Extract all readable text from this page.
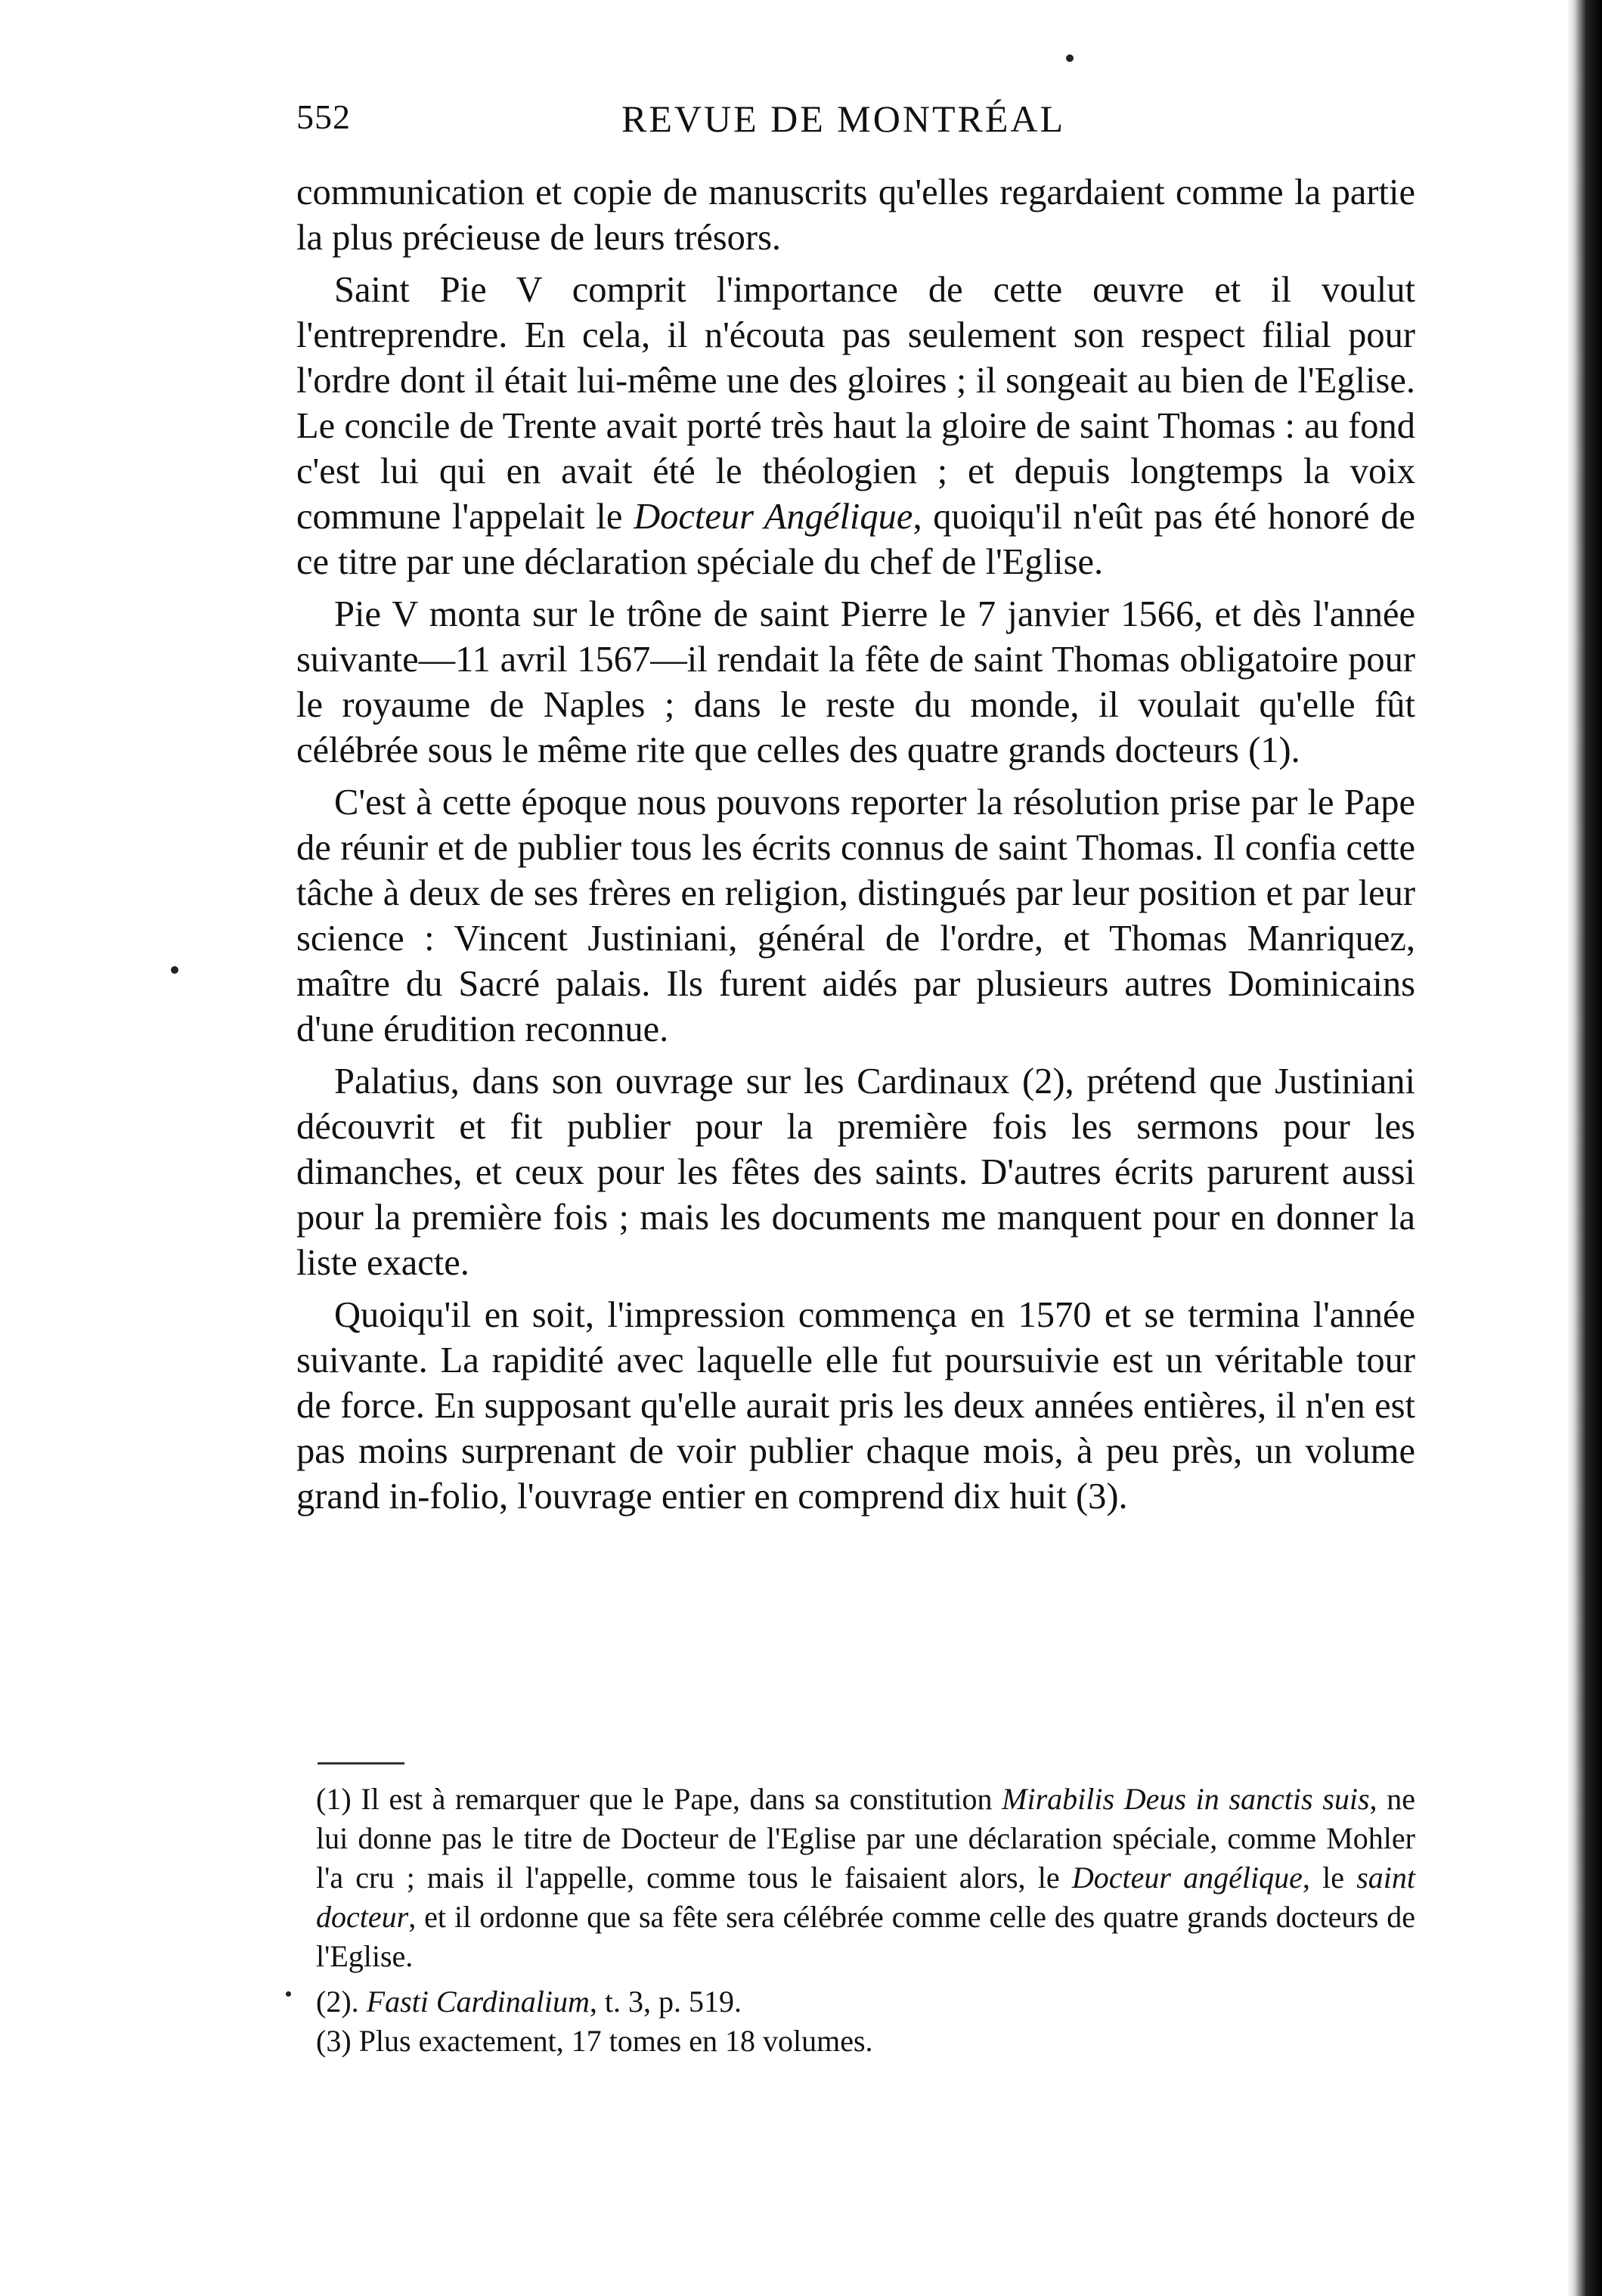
552	REVUE DE MONTRÉAL

communication et copie de manuscrits qu'elles regardaient comme la partie la plus précieuse de leurs trésors.

Saint Pie V comprit l'importance de cette œuvre et il voulut l'entreprendre. En cela, il n'écouta pas seulement son respect filial pour l'ordre dont il était lui-même une des gloires ; il songeait au bien de l'Eglise. Le concile de Trente avait porté très haut la gloire de saint Thomas : au fond c'est lui qui en avait été le théologien ; et depuis longtemps la voix commune l'appelait le Docteur Angélique, quoiqu'il n'eût pas été honoré de ce titre par une déclaration spéciale du chef de l'Eglise.

Pie V monta sur le trône de saint Pierre le 7 janvier 1566, et dès l'année suivante—11 avril 1567—il rendait la fête de saint Thomas obligatoire pour le royaume de Naples ; dans le reste du monde, il voulait qu'elle fût célébrée sous le même rite que celles des quatre grands docteurs (1).

C'est à cette époque nous pouvons reporter la résolution prise par le Pape de réunir et de publier tous les écrits connus de saint Thomas. Il confia cette tâche à deux de ses frères en religion, distingués par leur position et par leur science : Vincent Justiniani, général de l'ordre, et Thomas Manriquez, maître du Sacré palais. Ils furent aidés par plusieurs autres Dominicains d'une érudition reconnue.

Palatius, dans son ouvrage sur les Cardinaux (2), prétend que Justiniani découvrit et fit publier pour la première fois les sermons pour les dimanches, et ceux pour les fêtes des saints. D'autres écrits parurent aussi pour la première fois ; mais les documents me manquent pour en donner la liste exacte.

Quoiqu'il en soit, l'impression commença en 1570 et se termina l'année suivante. La rapidité avec laquelle elle fut poursuivie est un véritable tour de force. En supposant qu'elle aurait pris les deux années entières, il n'en est pas moins surprenant de voir publier chaque mois, à peu près, un volume grand in-folio, l'ouvrage entier en comprend dix huit (3).

(1) Il est à remarquer que le Pape, dans sa constitution Mirabilis Deus in sanctis suis, ne lui donne pas le titre de Docteur de l'Eglise par une déclaration spéciale, comme Mohler l'a cru ; mais il l'appelle, comme tous le faisaient alors, le Docteur angélique, le saint docteur, et il ordonne que sa fête sera célébrée comme celle des quatre grands docteurs de l'Eglise.

(2). Fasti Cardinalium, t. 3, p. 519.

(3) Plus exactement, 17 tomes en 18 volumes.
